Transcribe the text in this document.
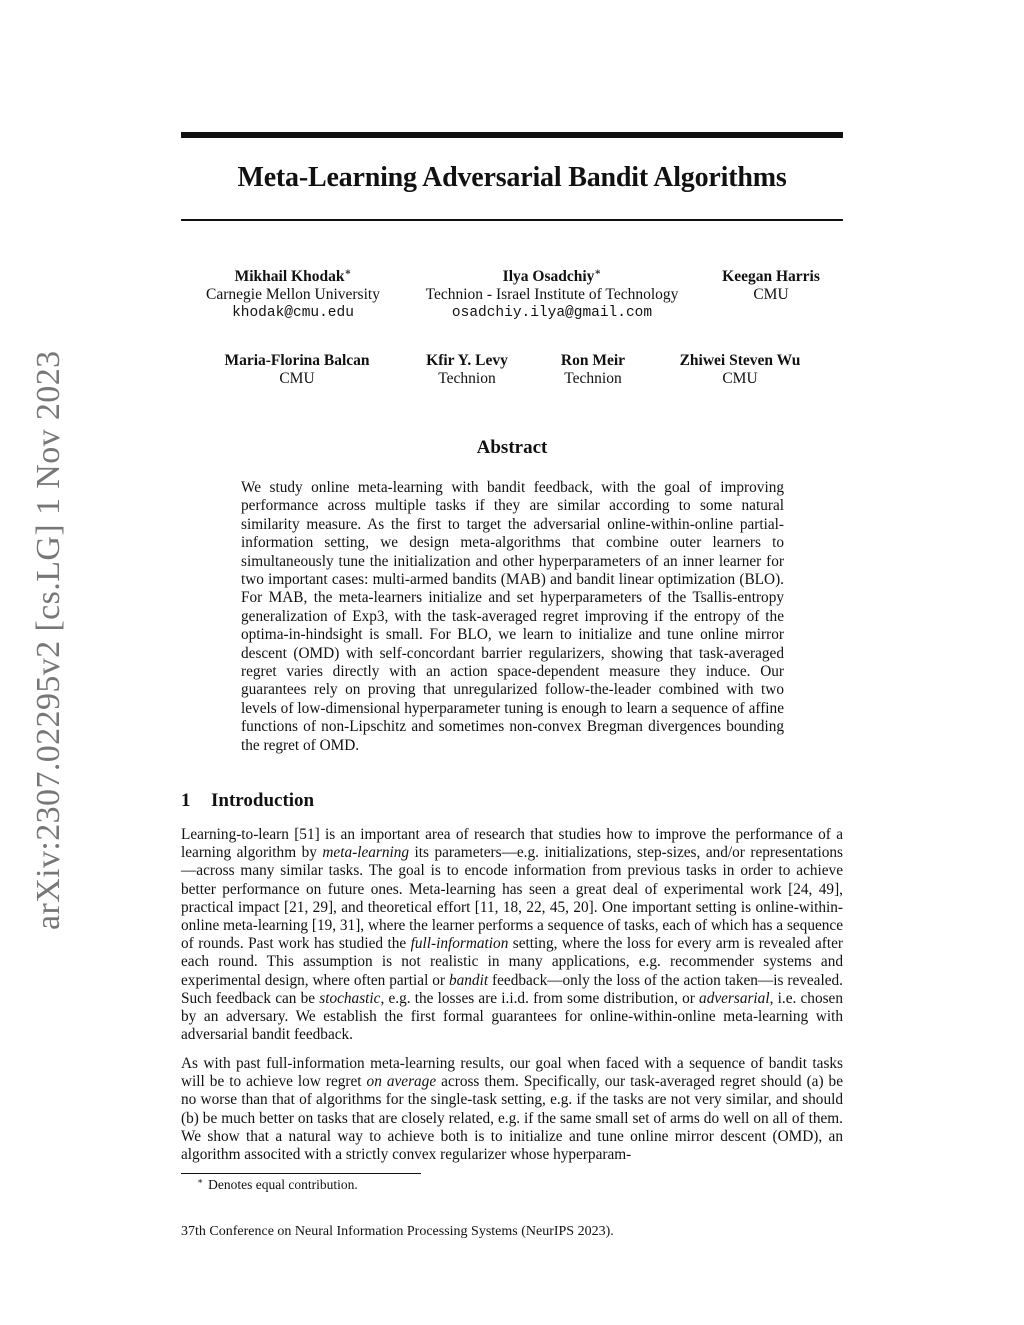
arXiv:2307.02295v2 [cs.LG] 1 Nov 2023
Meta-Learning Adversarial Bandit Algorithms
Mikhail Khodak∗
Carnegie Mellon University
khodak@cmu.edu
Ilya Osadchiy∗
Technion - Israel Institute of Technology
osadchiy.ilya@gmail.com
Keegan Harris
CMU
Maria-Florina Balcan
CMU
Kfir Y. Levy
Technion
Ron Meir
Technion
Zhiwei Steven Wu
CMU
Abstract
We study online meta-learning with bandit feedback, with the goal of improving performance across multiple tasks if they are similar according to some natural similarity measure. As the first to target the adversarial online-within-online partial-information setting, we design meta-algorithms that combine outer learners to simultaneously tune the initialization and other hyperparameters of an inner learner for two important cases: multi-armed bandits (MAB) and bandit linear optimization (BLO). For MAB, the meta-learners initialize and set hyperparameters of the Tsallis-entropy generalization of Exp3, with the task-averaged regret improving if the entropy of the optima-in-hindsight is small. For BLO, we learn to initialize and tune online mirror descent (OMD) with self-concordant barrier regularizers, showing that task-averaged regret varies directly with an action space-dependent measure they induce. Our guarantees rely on proving that unregularized follow-the-leader combined with two levels of low-dimensional hyperparameter tuning is enough to learn a sequence of affine functions of non-Lipschitz and sometimes non-convex Bregman divergences bounding the regret of OMD.
1 Introduction
Learning-to-learn [51] is an important area of research that studies how to improve the performance of a learning algorithm by meta-learning its parameters—e.g. initializations, step-sizes, and/or representations—across many similar tasks. The goal is to encode information from previous tasks in order to achieve better performance on future ones. Meta-learning has seen a great deal of experimental work [24, 49], practical impact [21, 29], and theoretical effort [11, 18, 22, 45, 20]. One important setting is online-within-online meta-learning [19, 31], where the learner performs a sequence of tasks, each of which has a sequence of rounds. Past work has studied the full-information setting, where the loss for every arm is revealed after each round. This assumption is not realistic in many applications, e.g. recommender systems and experimental design, where often partial or bandit feedback—only the loss of the action taken—is revealed. Such feedback can be stochastic, e.g. the losses are i.i.d. from some distribution, or adversarial, i.e. chosen by an adversary. We establish the first formal guarantees for online-within-online meta-learning with adversarial bandit feedback.
As with past full-information meta-learning results, our goal when faced with a sequence of bandit tasks will be to achieve low regret on average across them. Specifically, our task-averaged regret should (a) be no worse than that of algorithms for the single-task setting, e.g. if the tasks are not very similar, and should (b) be much better on tasks that are closely related, e.g. if the same small set of arms do well on all of them. We show that a natural way to achieve both is to initialize and tune online mirror descent (OMD), an algorithm associted with a strictly convex regularizer whose hyperparam-
∗ Denotes equal contribution.
37th Conference on Neural Information Processing Systems (NeurIPS 2023).
